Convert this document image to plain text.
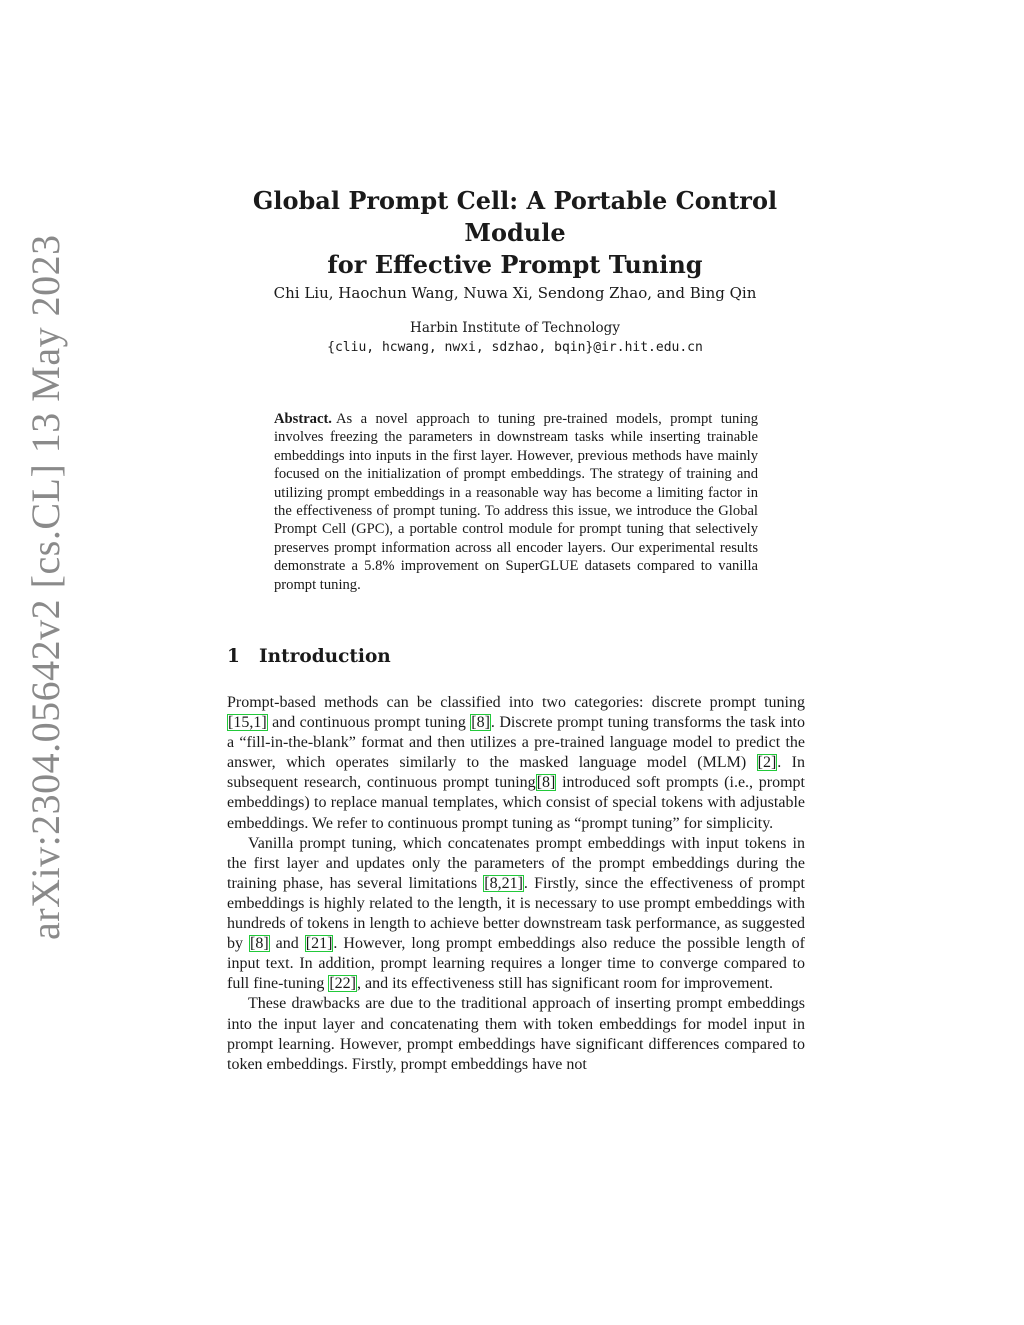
arXiv:2304.05642v2 [cs.CL] 13 May 2023
Global Prompt Cell: A Portable Control Module
for Effective Prompt Tuning
Chi Liu, Haochun Wang, Nuwa Xi, Sendong Zhao, and Bing Qin
Harbin Institute of Technology
{cliu, hcwang, nwxi, sdzhao, bqin}@ir.hit.edu.cn
Abstract. As a novel approach to tuning pre-trained models, prompt tuning involves freezing the parameters in downstream tasks while inserting trainable embeddings into inputs in the first layer. However, previous methods have mainly focused on the initialization of prompt embeddings. The strategy of training and utilizing prompt embeddings in a reasonable way has become a limiting factor in the effectiveness of prompt tuning. To address this issue, we introduce the Global Prompt Cell (GPC), a portable control module for prompt tuning that selectively preserves prompt information across all encoder layers. Our experimental results demonstrate a 5.8% improvement on SuperGLUE datasets compared to vanilla prompt tuning.
1 Introduction

Prompt-based methods can be classified into two categories: discrete prompt tuning [15,1] and continuous prompt tuning [8]. Discrete prompt tuning transforms the task into a “fill-in-the-blank” format and then utilizes a pre-trained language model to predict the answer, which operates similarly to the masked language model (MLM) [2]. In subsequent research, continuous prompt tuning[8] introduced soft prompts (i.e., prompt embeddings) to replace manual templates, which consist of special tokens with adjustable embeddings. We refer to continuous prompt tuning as “prompt tuning” for simplicity.

Vanilla prompt tuning, which concatenates prompt embeddings with input tokens in the first layer and updates only the parameters of the prompt embeddings during the training phase, has several limitations [8,21]. Firstly, since the effectiveness of prompt embeddings is highly related to the length, it is necessary to use prompt embeddings with hundreds of tokens in length to achieve better downstream task performance, as suggested by [8] and [21]. However, long prompt embeddings also reduce the possible length of input text. In addition, prompt learning requires a longer time to converge compared to full fine-tuning [22], and its effectiveness still has significant room for improvement.

These drawbacks are due to the traditional approach of inserting prompt embeddings into the input layer and concatenating them with token embeddings for model input in prompt learning. However, prompt embeddings have significant differences compared to token embeddings. Firstly, prompt embeddings have not
